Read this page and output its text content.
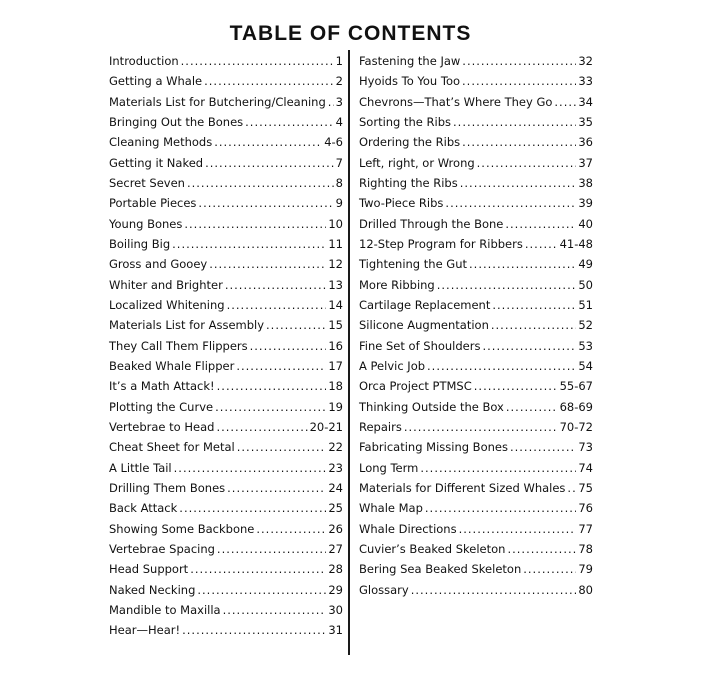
TABLE OF CONTENTS
Introduction .....	1
Getting a Whale .....	2
Materials List for Butchering/Cleaning ..... 3
Bringing Out the Bones .....	4
Cleaning Methods .....	4-6
Getting it Naked .....	7
Secret Seven .....	8
Portable Pieces .....	9
Young Bones .....	10
Boiling Big .....	11
Gross and Gooey .....	12
Whiter and Brighter .....	13
Localized Whitening .....	14
Materials List for Assembly .....	15
They Call Them Flippers .....	16
Beaked Whale Flipper .....	17
It’s a Math Attack! .....	18
Plotting the Curve .....	19
Vertebrae to Head .....	20-21
Cheat Sheet for Metal .....	22
A Little Tail .....	23
Drilling Them Bones .....	24
Back Attack .....	25
Showing Some Backbone .....	26
Vertebrae Spacing .....	27
Head Support .....	28
Naked Necking .....	29
Mandible to Maxilla .....	30
Hear—Hear! .....	31
Fastening the Jaw .....	32
Hyoids To You Too .....	33
Chevrons—That’s Where They Go ..... 34
Sorting the Ribs .....	35
Ordering the Ribs .....	36
Left, right, or Wrong .....	37
Righting the Ribs .....	38
Two-Piece Ribs .....	39
Drilled Through the Bone .....	40
12-Step Program for Ribbers .....	41-48
Tightening the Gut .....	49
More Ribbing .....	50
Cartilage Replacement .....	51
Silicone Augmentation .....	52
Fine Set of Shoulders .....	53
A Pelvic Job .....	54
Orca Project PTMSC .....	55-67
Thinking Outside the Box .....	68-69
Repairs .....	70-72
Fabricating Missing Bones .....	73
Long Term .....	74
Materials for Different Sized Whales ..... 75
Whale Map .....	76
Whale Directions .....	77
Cuvier’s Beaked Skeleton .....	78
Bering Sea Beaked Skeleton .....	79
Glossary .....	80
